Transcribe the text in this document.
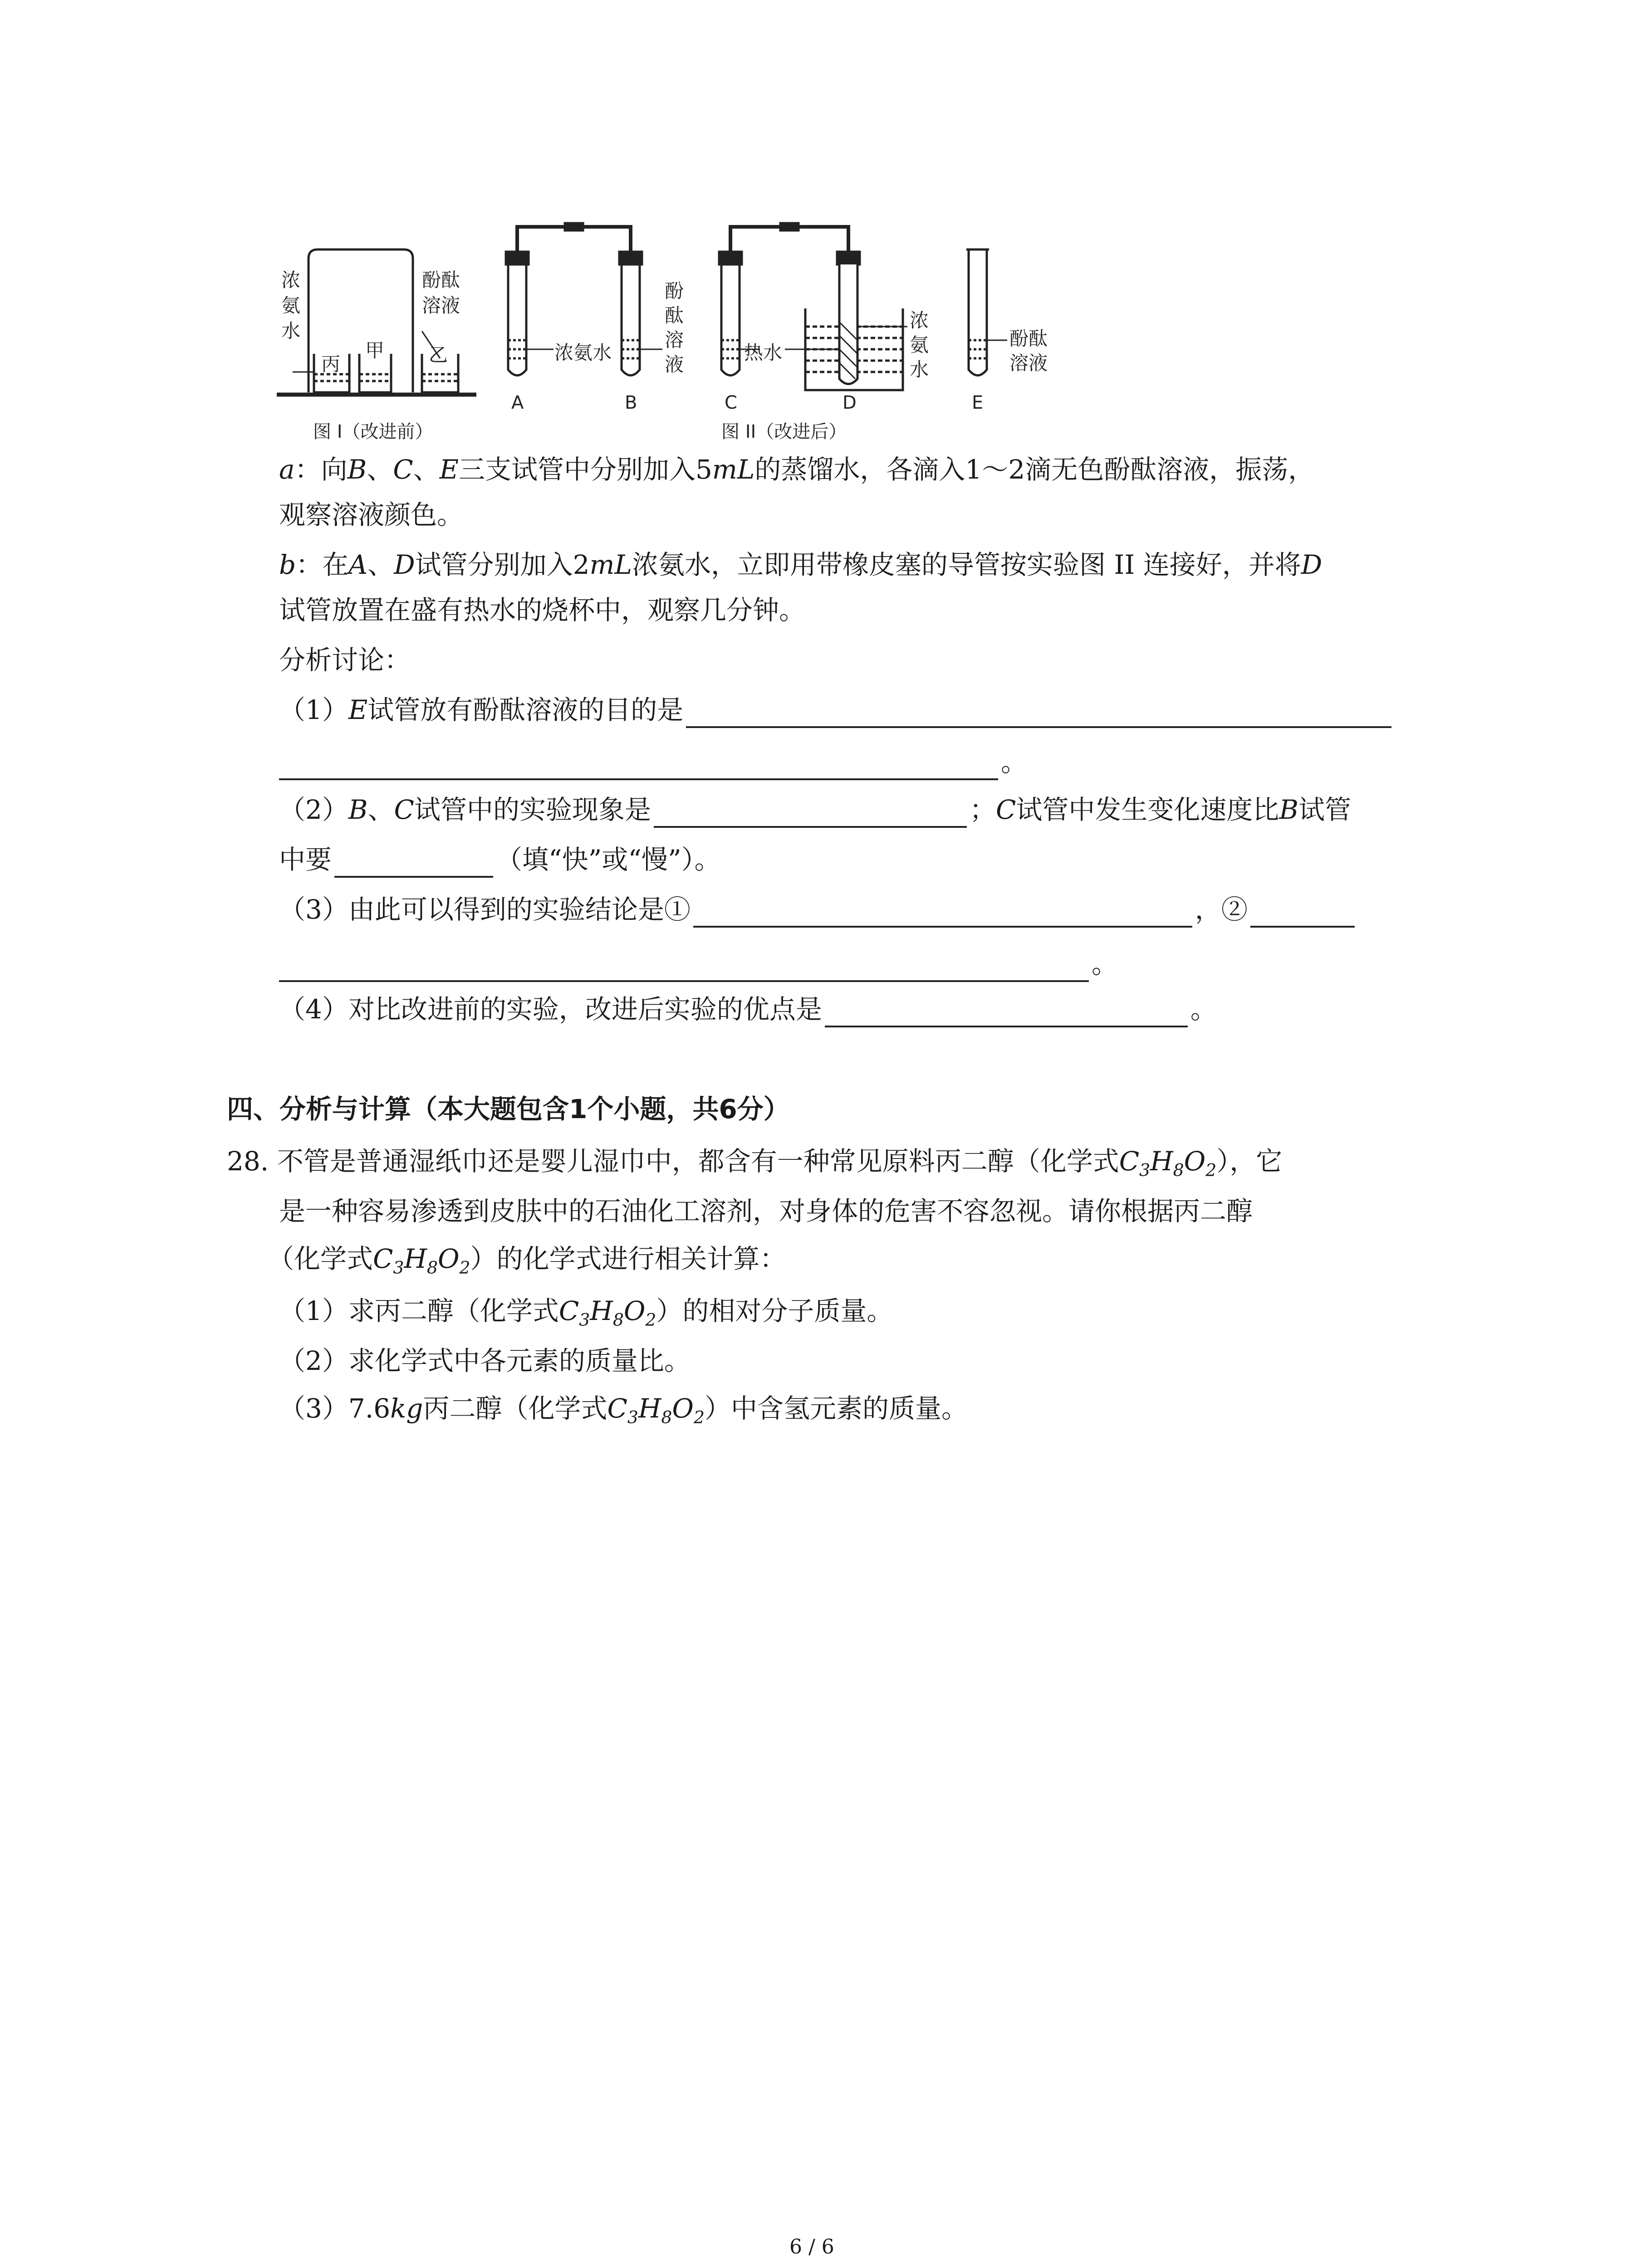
浓
氨
水
酚酞
溶液
丙
甲 乙
图 I（改进前）
浓氨水
酚
酞
溶
液
热水
浓
氨
水
酚酞
溶液
A	B	C	D	E
图 II（改进后）
a：向B、C、E三支试管中分别加入5mL的蒸馏水，各滴入1～2滴无色酚酞溶液，振荡，
观察溶液颜色。
b：在A、D试管分别加入2mL浓氨水，立即用带橡皮塞的导管按实验图 II 连接好，并将D
试管放置在盛有热水的烧杯中，观察几分钟。
分析讨论：
（1）E试管放有酚酞溶液的目的是
。
（2）B、C试管中的实验现象是	；C试管中发生变化速度比B试管
中要	（填“快”或“慢”）。
（3）由此可以得到的实验结论是①	，②
。
（4）对比改进前的实验，改进后实验的优点是	。
四、分析与计算（本大题包含1个小题，共6分）
28. 不管是普通湿纸巾还是婴儿湿巾中，都含有一种常见原料丙二醇（化学式$C_3H_8O_2$），它
是一种容易渗透到皮肤中的石油化工溶剂，对身体的危害不容忽视。请你根据丙二醇
（化学式$C_3H_8O_2$）的化学式进行相关计算：
（1）求丙二醇（化学式$C_3H_8O_2$）的相对分子质量。
（2）求化学式中各元素的质量比。
（3）7.6kg丙二醇（化学式$C_3H_8O_2$）中含氢元素的质量。
6 / 6
